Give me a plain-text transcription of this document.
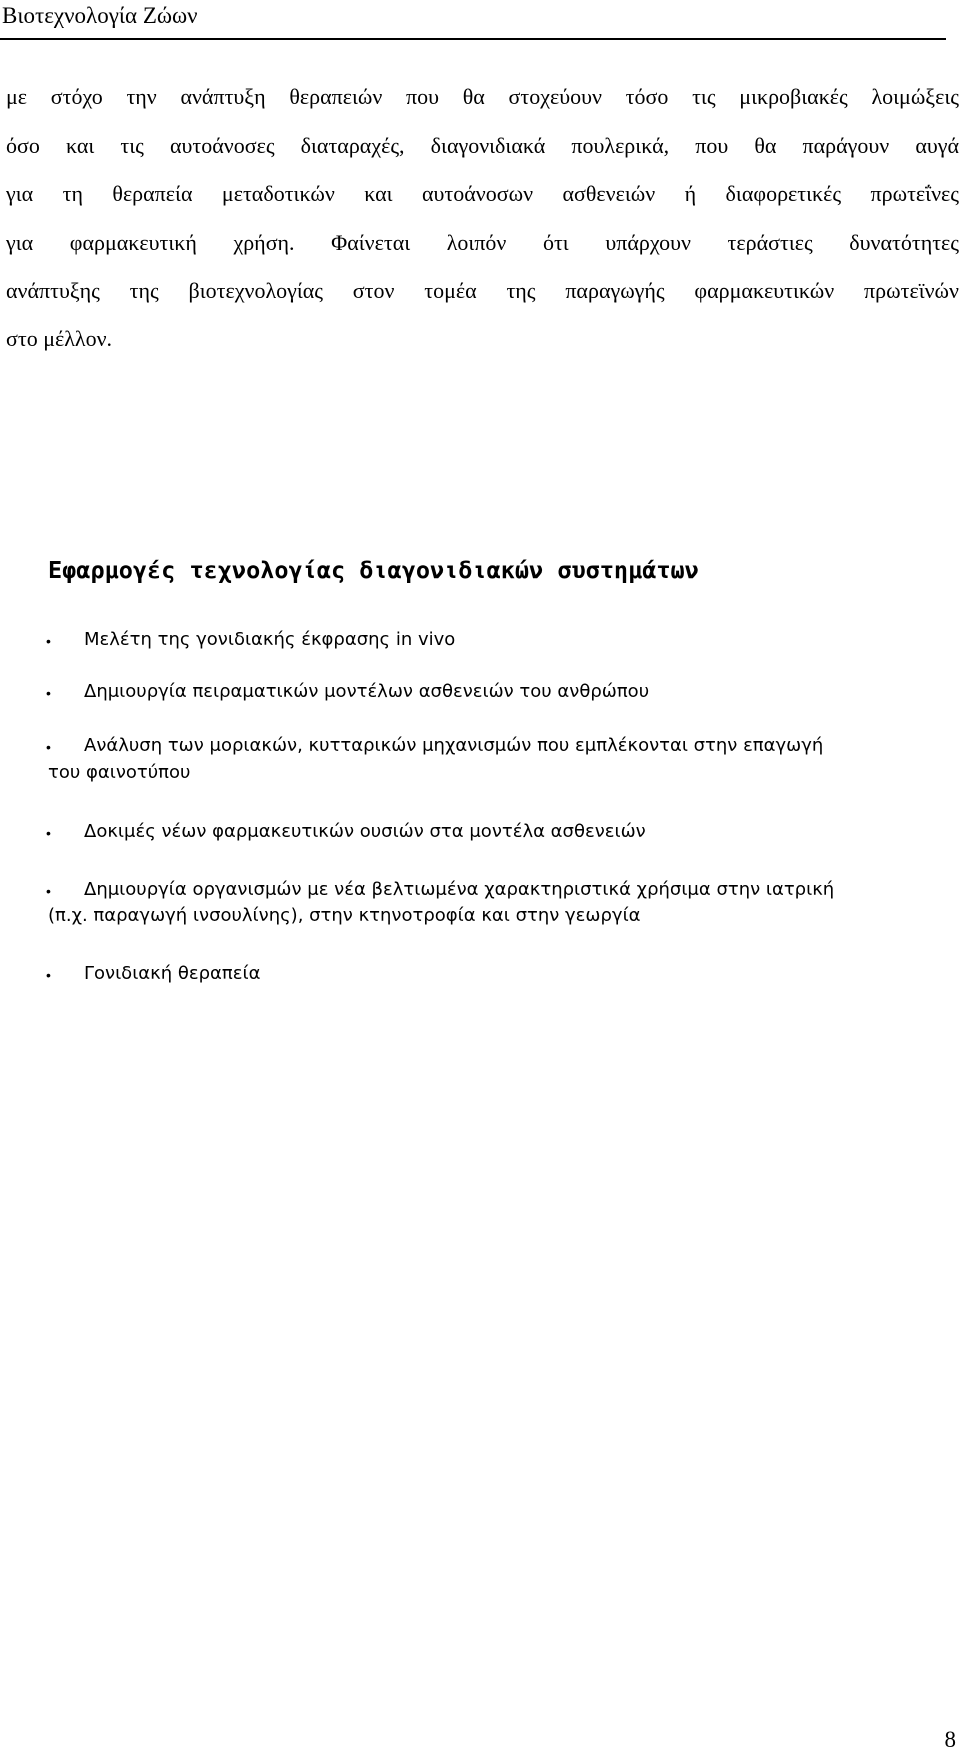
Βιοτεχνολογία Ζώων
με στόχο την ανάπτυξη θεραπειών που θα στοχεύουν τόσο τις μικροβιακές λοιμώξεις
όσο και τις αυτοάνοσες διαταραχές, διαγονιδιακά πουλερικά, που θα παράγουν αυγά
για τη θεραπεία μεταδοτικών και αυτοάνοσων ασθενειών ή διαφορετικές πρωτεΐνες
για φαρμακευτική χρήση. Φαίνεται λοιπόν ότι υπάρχουν τεράστιες δυνατότητες
ανάπτυξης της βιοτεχνολογίας στον τομέα της παραγωγής φαρμακευτικών πρωτεϊνών
στο μέλλον.
Εφαρμογές τεχνολογίας διαγονιδιακών συστημάτων
• Μελέτη της γονιδιακής έκφρασης in vivo
• Δημιουργία πειραματικών μοντέλων ασθενειών του ανθρώπου
• Ανάλυση των μοριακών, κυτταρικών μηχανισμών που εμπλέκονται στην επαγωγή
του φαινοτύπου
• Δοκιμές νέων φαρμακευτικών ουσιών στα μοντέλα ασθενειών
• Δημιουργία οργανισμών με νέα βελτιωμένα χαρακτηριστικά χρήσιμα στην ιατρική
(π.χ. παραγωγή ινσουλίνης), στην κτηνοτροφία και στην γεωργία
• Γονιδιακή θεραπεία
8
